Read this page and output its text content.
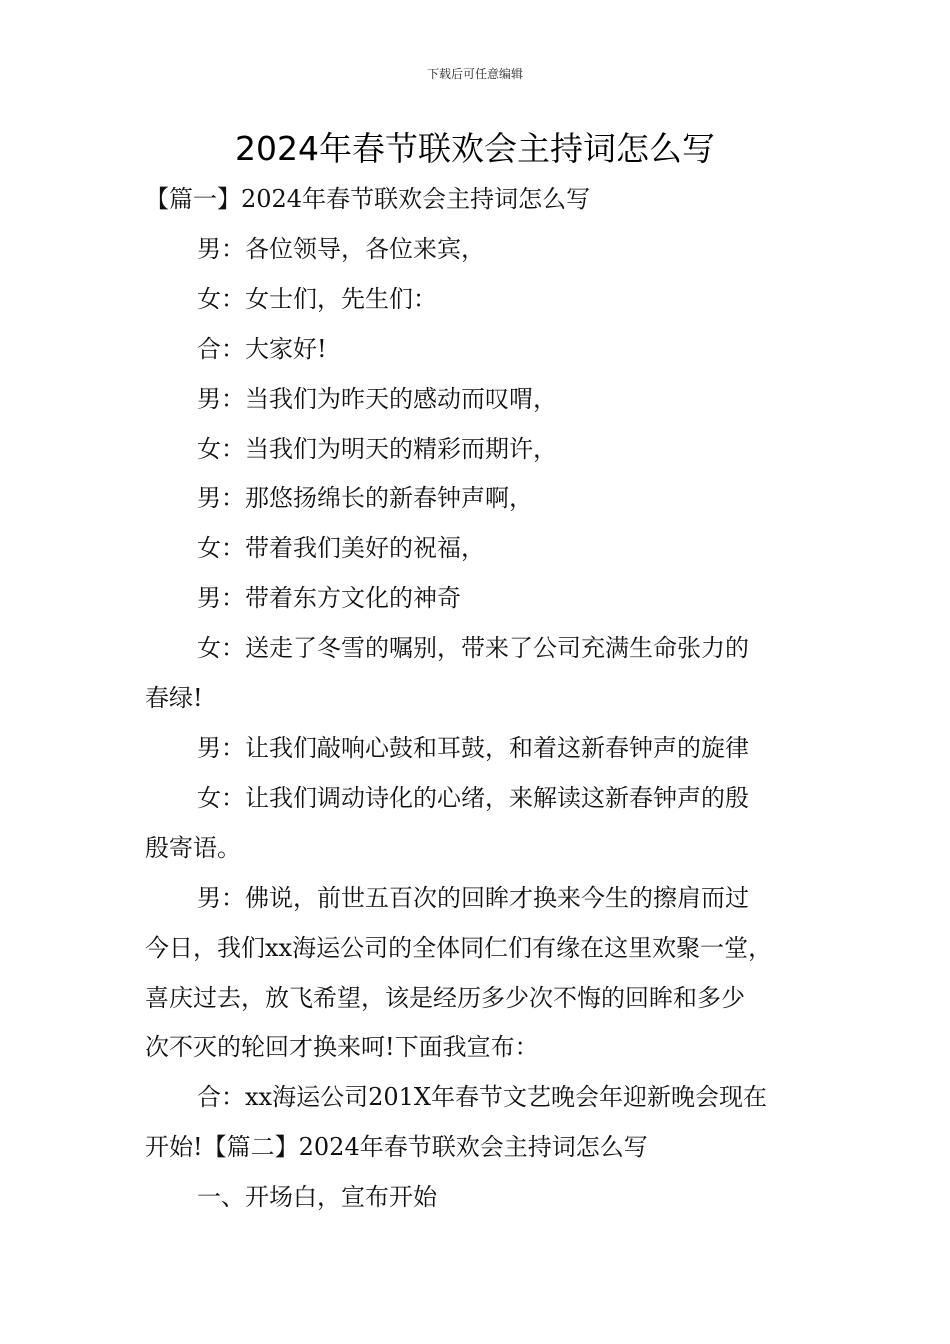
下载后可任意编辑
2024年春节联欢会主持词怎么写

【篇一】2024年春节联欢会主持词怎么写

男：各位领导，各位来宾，

女：女士们，先生们：

合：大家好!

男：当我们为昨天的感动而叹喟，

女：当我们为明天的精彩而期许，

男：那悠扬绵长的新春钟声啊，

女：带着我们美好的祝福，

男：带着东方文化的神奇

女：送走了冬雪的嘱别，带来了公司充满生命张力的
春绿!

男：让我们敲响心鼓和耳鼓，和着这新春钟声的旋律

女：让我们调动诗化的心绪，来解读这新春钟声的殷
殷寄语。

男：佛说，前世五百次的回眸才换来今生的擦肩而过
今日，我们xx海运公司的全体同仁们有缘在这里欢聚一堂，
喜庆过去，放飞希望，该是经历多少次不悔的回眸和多少
次不灭的轮回才换来呵!下面我宣布：

合：xx海运公司201X年春节文艺晚会年迎新晚会现在
开始!【篇二】2024年春节联欢会主持词怎么写

一、开场白，宣布开始
